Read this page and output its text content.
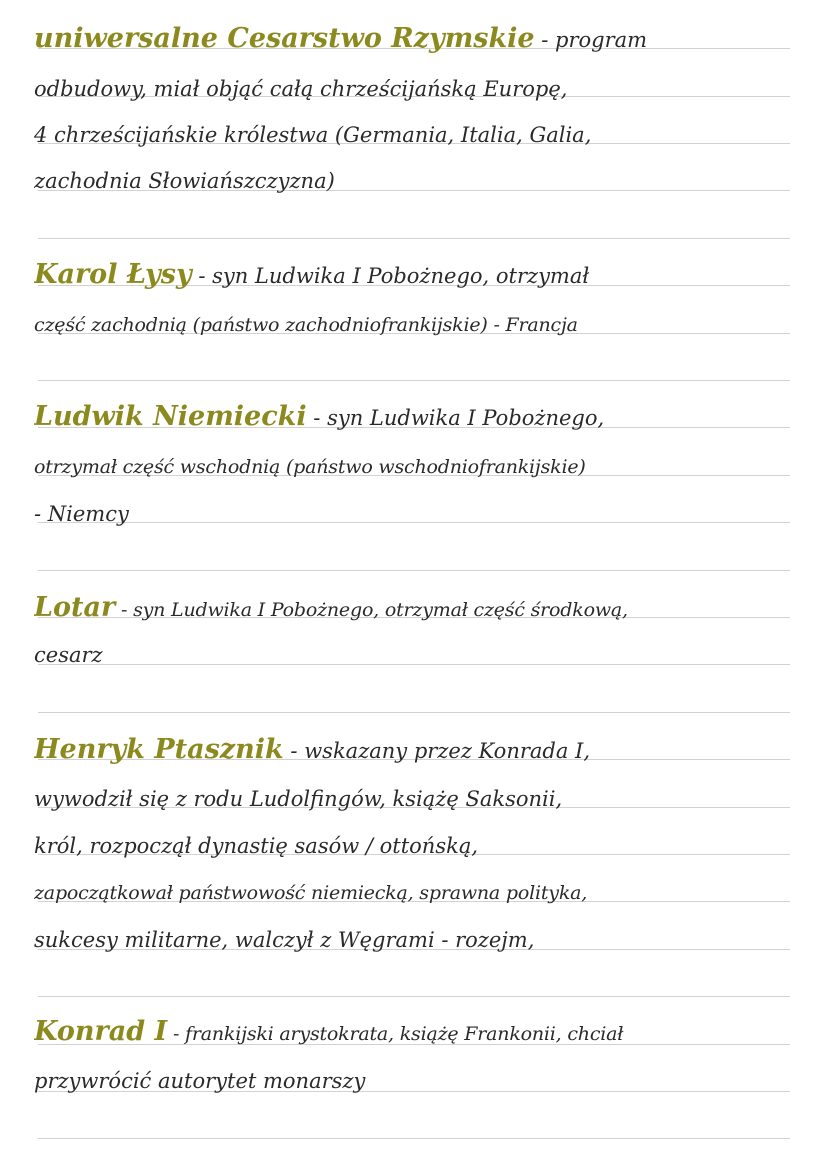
uniwersalne Cesarstwo Rzymskie - program
odbudowy, miał objąć całą chrześcijańską Europę,
4 chrześcijańskie królestwa (Germania, Italia, Galia,
zachodnia Słowiańszczyzna)
Karol Łysy - syn Ludwika I Pobożnego, otrzymał
część zachodnią (państwo zachodniofrankijskie) - Francja
Ludwik Niemiecki - syn Ludwika I Pobożnego,
otrzymał część wschodnią (państwo wschodniofrankijskie)
- Niemcy
Lotar - syn Ludwika I Pobożnego, otrzymał część środkową,
cesarz
Henryk Ptasznik - wskazany przez Konrada I,
wywodził się z rodu Ludolfingów, książę Saksonii,
król, rozpoczął dynastię sasów / ottońską,
zapoczątkował państwowość niemiecką, sprawna polityka,
sukcesy militarne, walczył z Węgrami - rozejm,
Konrad I - frankijski arystokrata, książę Frankonii, chciał
przywrócić autorytet monarszy
